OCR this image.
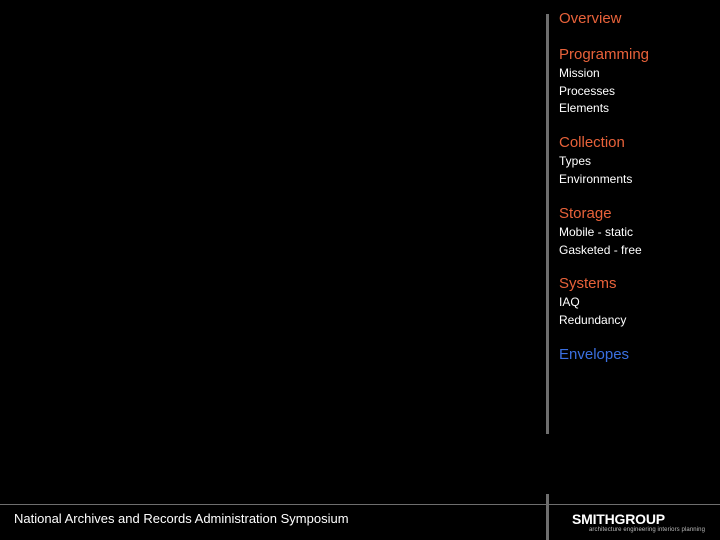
Overview
Programming
Mission
Processes
Elements
Collection
Types
Environments
Storage
Mobile - static
Gasketed - free
Systems
IAQ
Redundancy
Envelopes
National Archives and Records Administration Symposium	SMITHGROUP
architecture engineering interiors planning
